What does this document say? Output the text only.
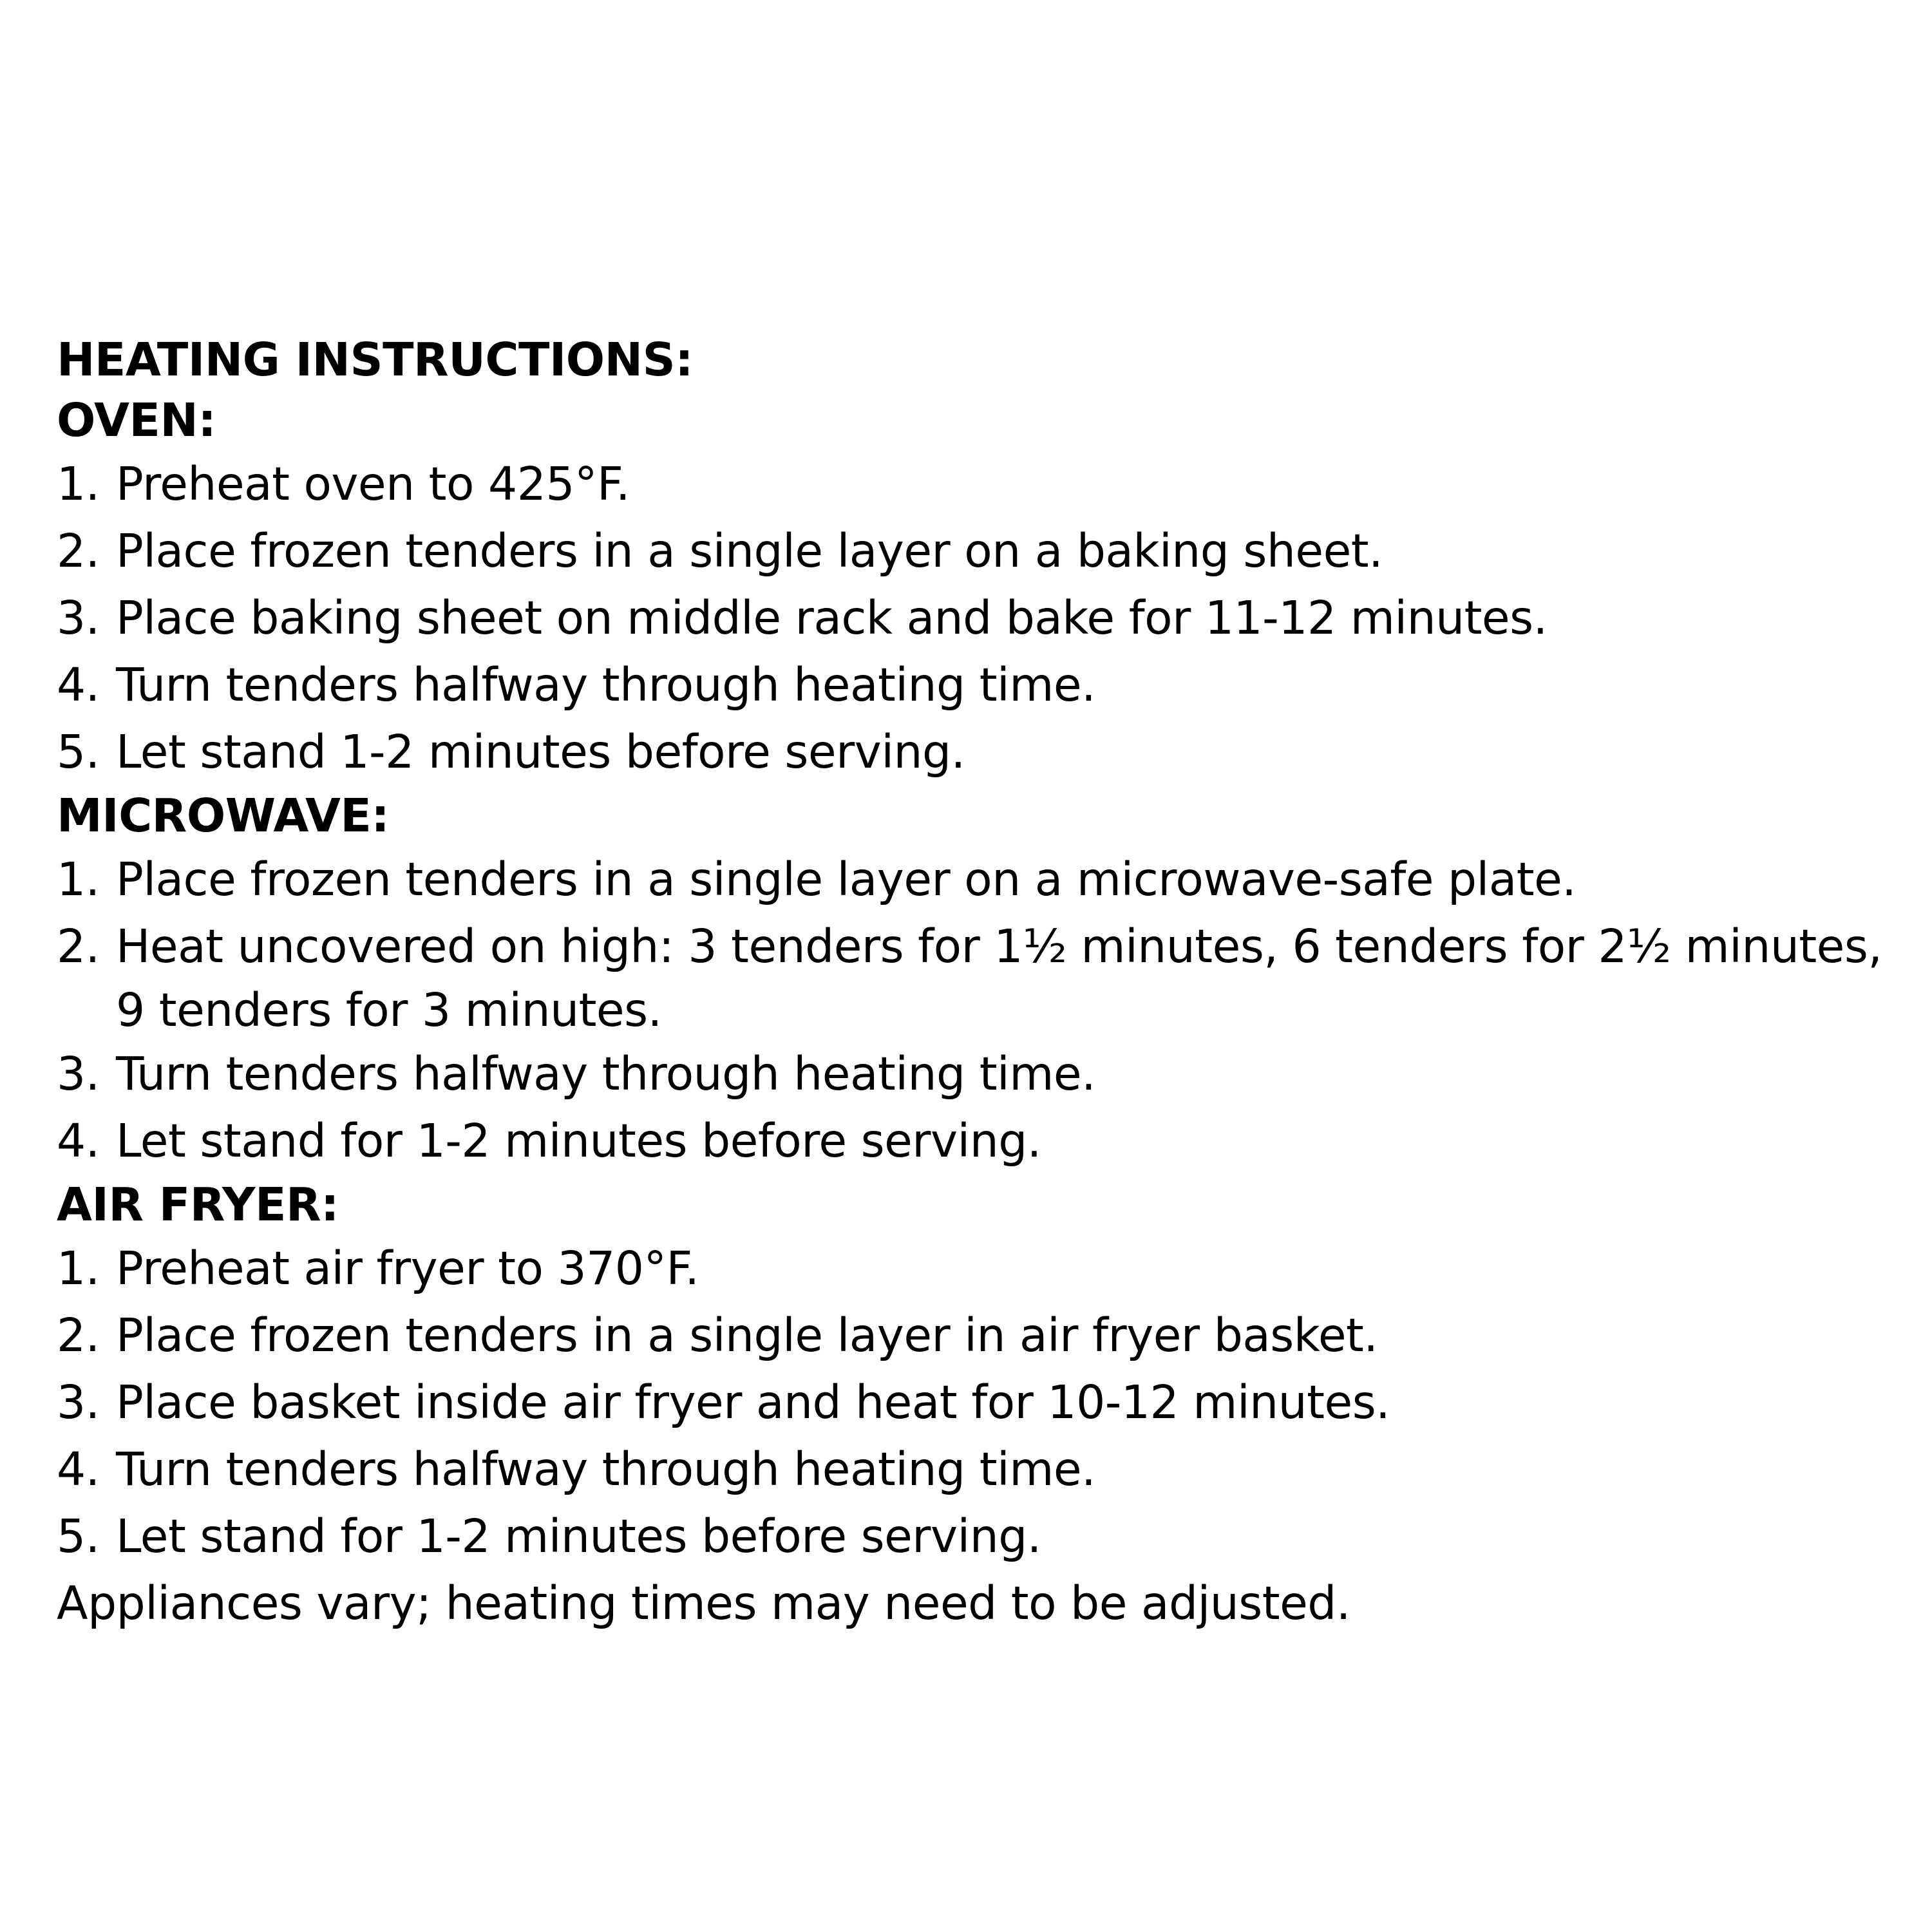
HEATING INSTRUCTIONS:
OVEN:
1. Preheat oven to 425°F.
2. Place frozen tenders in a single layer on a baking sheet.
3. Place baking sheet on middle rack and bake for 11-12 minutes.
4. Turn tenders halfway through heating time.
5. Let stand 1-2 minutes before serving.
MICROWAVE:
1. Place frozen tenders in a single layer on a microwave-safe plate.
2. Heat uncovered on high: 3 tenders for 1½ minutes, 6 tenders for 2½ minutes,
9 tenders for 3 minutes.
3. Turn tenders halfway through heating time.
4. Let stand for 1-2 minutes before serving.
AIR FRYER:
1. Preheat air fryer to 370°F.
2. Place frozen tenders in a single layer in air fryer basket.
3. Place basket inside air fryer and heat for 10-12 minutes.
4. Turn tenders halfway through heating time.
5. Let stand for 1-2 minutes before serving.
Appliances vary; heating times may need to be adjusted.
